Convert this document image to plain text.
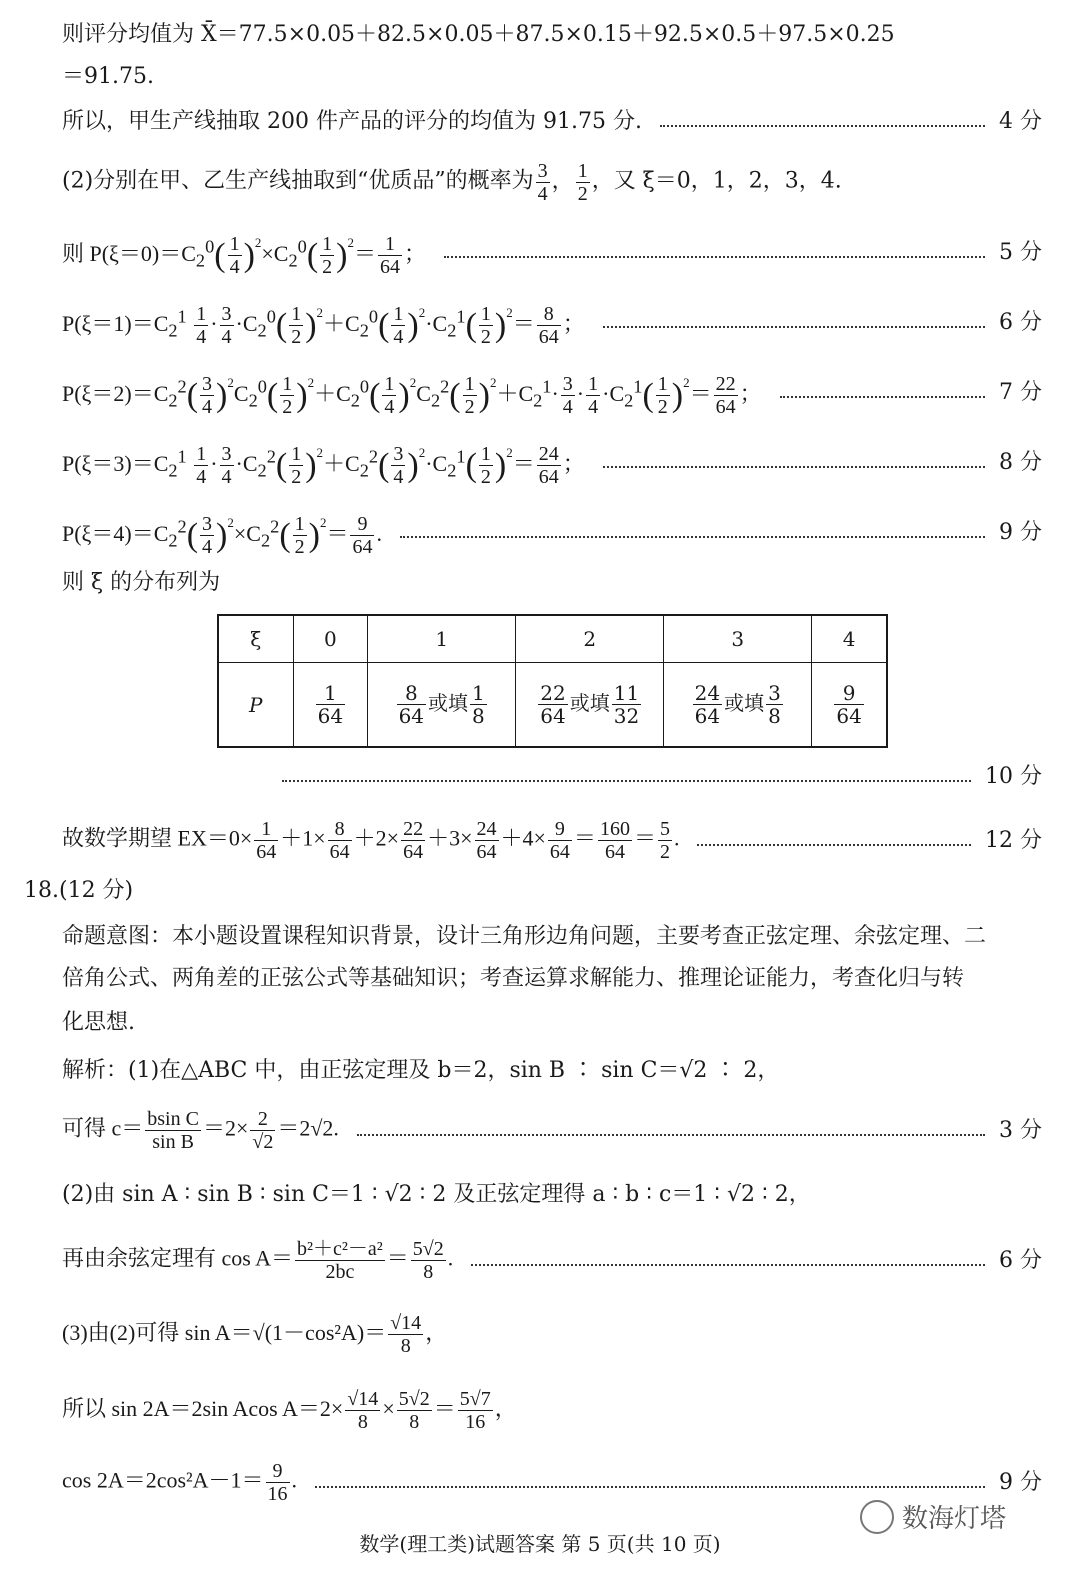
则评分均值为 X̄＝77.5×0.05＋82.5×0.05＋87.5×0.15＋92.5×0.5＋97.5×0.25
＝91.75.
所以，甲生产线抽取 200 件产品的评分的均值为 91.75 分.	4 分
(2)分别在甲、乙生产线抽取到“优质品”的概率为 $\frac{3}{4}$ ， $\frac{1}{2}$ ，又 ξ＝0，1，2，3，4.
则 $P(\xi=0)=C_2^0( \frac{1}{4} )^2\times C_2^0( \frac{1}{2} )^2= \frac{1}{64}$ ；	5 分
$P(\xi=1)=C_2^1 \frac{1}{4} \cdot \frac{3}{4} \cdot C_2^0( \frac{1}{2} )^2+C_2^0( \frac{1}{4} )^2\cdot C_2^1( \frac{1}{2} )^2= \frac{8}{64}$ ；	6 分
$P(\xi=2)=C_2^2( \frac{3}{4} )^2C_2^0( \frac{1}{2} )^2+C_2^0( \frac{1}{4} )^2C_2^2( \frac{1}{2} )^2+C_2^1\cdot \frac{3}{4} \cdot \frac{1}{4} \cdot C_2^1( \frac{1}{2} )^2= \frac{22}{64}$ ；	7 分
$P(\xi=3)=C_2^1 \frac{1}{4} \cdot \frac{3}{4} \cdot C_2^2( \frac{1}{2} )^2+C_2^2( \frac{3}{4} )^2\cdot C_2^1( \frac{1}{2} )^2= \frac{24}{64}$ ；	8 分
$P(\xi=4)=C_2^2( \frac{3}{4} )^2\times C_2^2( \frac{1}{2} )^2= \frac{9}{64}$ .	9 分
则 ξ 的分布列为
ξ	0	1	2	3	4
P	$\frac{1}{64}$	$\frac{8}{64}$ 或填 $\frac{1}{8}$	$\frac{22}{64}$ 或填 $\frac{11}{32}$	$\frac{24}{64}$ 或填 $\frac{3}{8}$	$\frac{9}{64}$
10 分
故数学期望 $EX=0\times \frac{1}{64} +1\times \frac{8}{64} +2\times \frac{22}{64} +3\times \frac{24}{64} +4\times \frac{9}{64} = \frac{160}{64} = \frac{5}{2}$ .	12 分
18.(12 分)
命题意图：本小题设置课程知识背景，设计三角形边角问题，主要考查正弦定理、余弦定理、二
倍角公式、两角差的正弦公式等基础知识；考查运算求解能力、推理论证能力，考查化归与转
化思想.
解析：(1)在△ABC 中，由正弦定理及 b＝2，sin B ∶ sin C＝√2 ∶ 2，
可得 $c= \frac{\text{bsin C}}{\text{sin B}} =2\times \frac{2}{√2} =2√2$.	3 分
(2)由 sin A ∶ sin B ∶ sin C＝1 ∶ √2 ∶ 2 及正弦定理得 a ∶ b ∶ c＝1 ∶ √2 ∶ 2，
再由余弦定理有 $\cos A= \frac{\text{b²＋c²－a²}}{2bc} = \frac{5√2}{8}$ .	6 分
(3)由(2)可得 $\sin A=√(1-\cos^2A)= \frac{√14}{8}$ ，
所以 sin 2A＝2sin Acos $A=2\times \frac{√14}{8} \times \frac{5√2}{8} = \frac{5√7}{16}$ ，
$\cos 2A=2\cos^2A-1= \frac{9}{16}$ .	9 分
数海灯塔
数学(理工类)试题答案 第 5 页(共 10 页)
